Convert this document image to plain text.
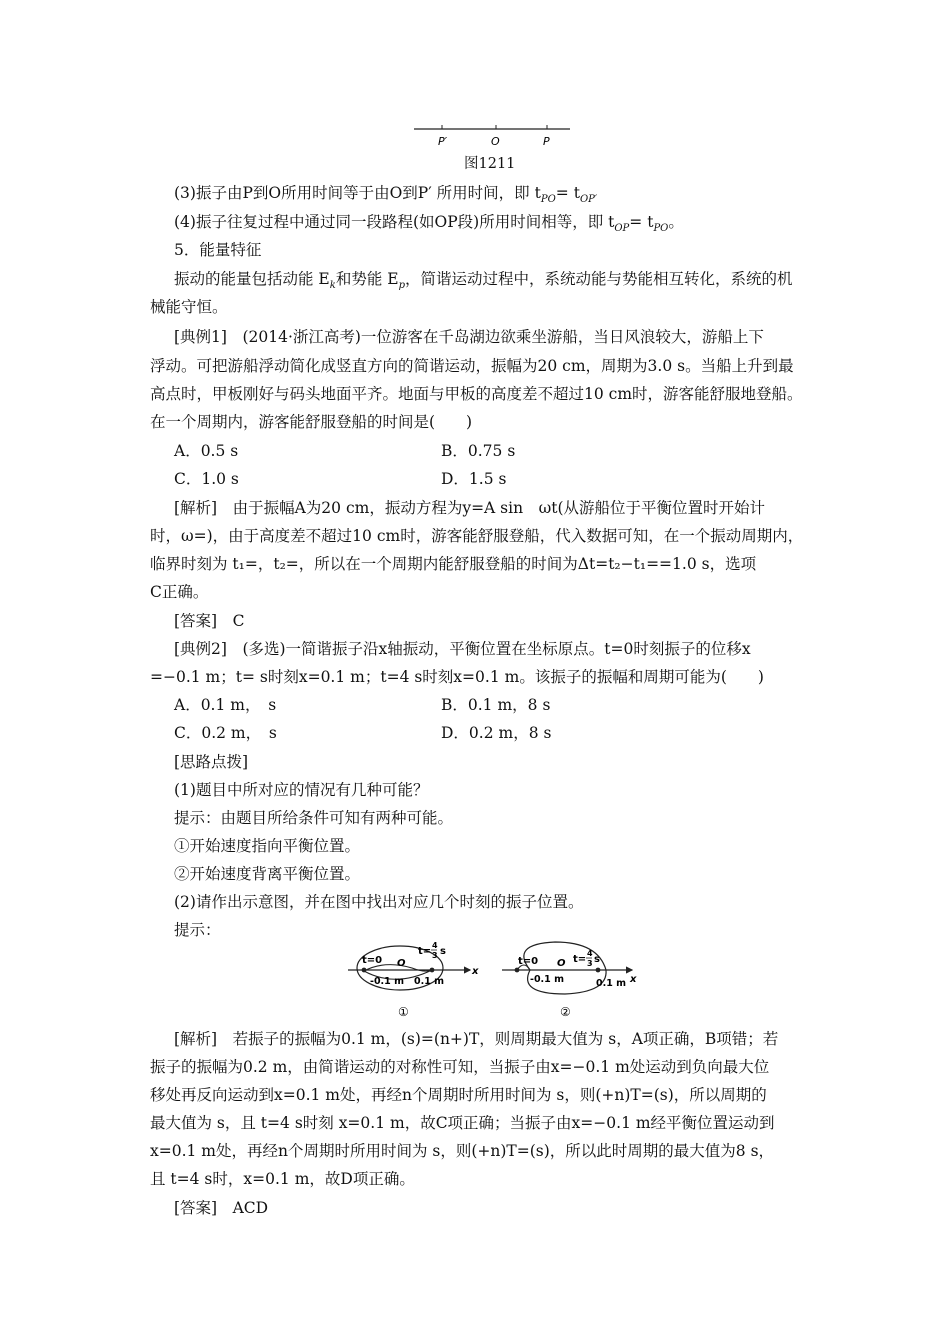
P′	O	P
图1211
(3)振子由P到O所用时间等于由O到P′ 所用时间，即 $t_{PO}= t_{OP'}$
(4)振子往复过程中通过同一段路程(如OP段)所用时间相等，即 $t_{OP}= t_{PO}$。
5．能量特征
振动的能量包括动能 $E_k$和势能 $E_p$，简谐运动过程中，系统动能与势能相互转化，系统的机
械能守恒。
[典例1]　(2014·浙江高考)一位游客在千岛湖边欲乘坐游船，当日风浪较大，游船上下
浮动。可把游船浮动简化成竖直方向的简谐运动，振幅为20 cm，周期为3.0 s。当船上升到最
高点时，甲板刚好与码头地面平齐。地面与甲板的高度差不超过10 cm时，游客能舒服地登船。
在一个周期内，游客能舒服登船的时间是(　　)
A．0.5 s	B．0.75 s
C．1.0 s	D．1.5 s
[解析]　由于振幅A为20 cm，振动方程为y=A sin　ωt(从游船位于平衡位置时开始计
时，ω=)，由于高度差不超过10 cm时，游客能舒服登船，代入数据可知，在一个振动周期内，
临界时刻为 t₁=，t₂=，所以在一个周期内能舒服登船的时间为Δt=t₂−t₁==1.0 s，选项
C正确。
[答案]　C
[典例2]　(多选)一简谐振子沿x轴振动，平衡位置在坐标原点。t=0时刻振子的位移x
=−0.1 m；t= s时刻x=0.1 m；t=4 s时刻x=0.1 m。该振子的振幅和周期可能为(　　)
A．0.1 m，　s	B．0.1 m，8 s
C．0.2 m，　s	D．0.2 m，8 s
[思路点拨]
(1)题目中所对应的情况有几种可能？
提示：由题目所给条件可知有两种可能。
①开始速度指向平衡位置。
②开始速度背离平衡位置。
(2)请作出示意图，并在图中找出对应几个时刻的振子位置。
提示：
t=0
t=
4
3 s
O
-0.1 m 0.1 m
x
①
t=0	t=
4
3 s
O
-0.1 m	0.1 m x
②
[解析]　若振子的振幅为0.1 m，(s)=(n+)T，则周期最大值为 s，A项正确，B项错；若
振子的振幅为0.2 m，由简谐运动的对称性可知，当振子由x=−0.1 m处运动到负向最大位
移处再反向运动到x=0.1 m处，再经n个周期时所用时间为 s，则(+n)T=(s)，所以周期的
最大值为 s，且 t=4 s时刻 x=0.1 m，故C项正确；当振子由x=−0.1 m经平衡位置运动到
x=0.1 m处，再经n个周期时所用时间为 s，则(+n)T=(s)，所以此时周期的最大值为8 s，
且 t=4 s时，x=0.1 m，故D项正确。
[答案]　ACD
